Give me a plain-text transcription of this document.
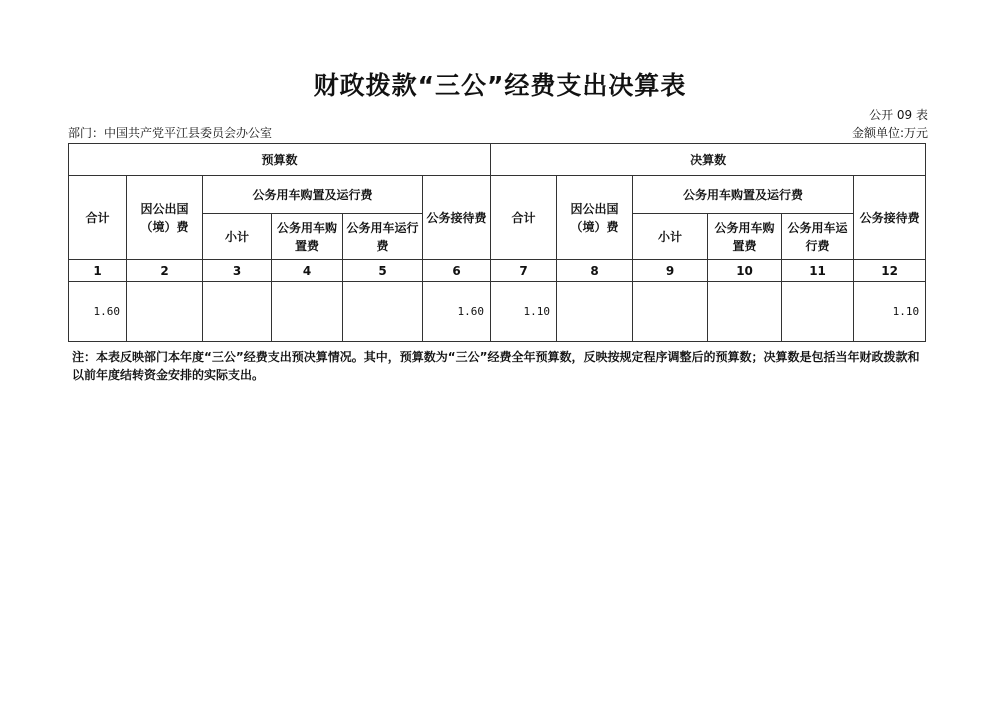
财政拨款“三公”经费支出决算表
公开 09 表
部门：中国共产党平江县委员会办公室	金额单位:万元
预算数						决算数					
合计	因公出国（境）费	公务用车购置及运行费			公务接待费	合计	因公出国（境）费	公务用车购置及运行费			公务接待费
		小计	公务用车购置费	公务用车运行费				小计	公务用车购置费	公务用车运行费	
1	2	3	4	5	6	7	8	9	10	11	12
1.60					1.60	1.10					1.10
注：本表反映部门本年度“三公”经费支出预决算情况。其中，预算数为“三公”经费全年预算数，反映按规定程序调整后的预算数；决算数是包括当年财政拨款和以前年度结转资金安排的实际支出。
